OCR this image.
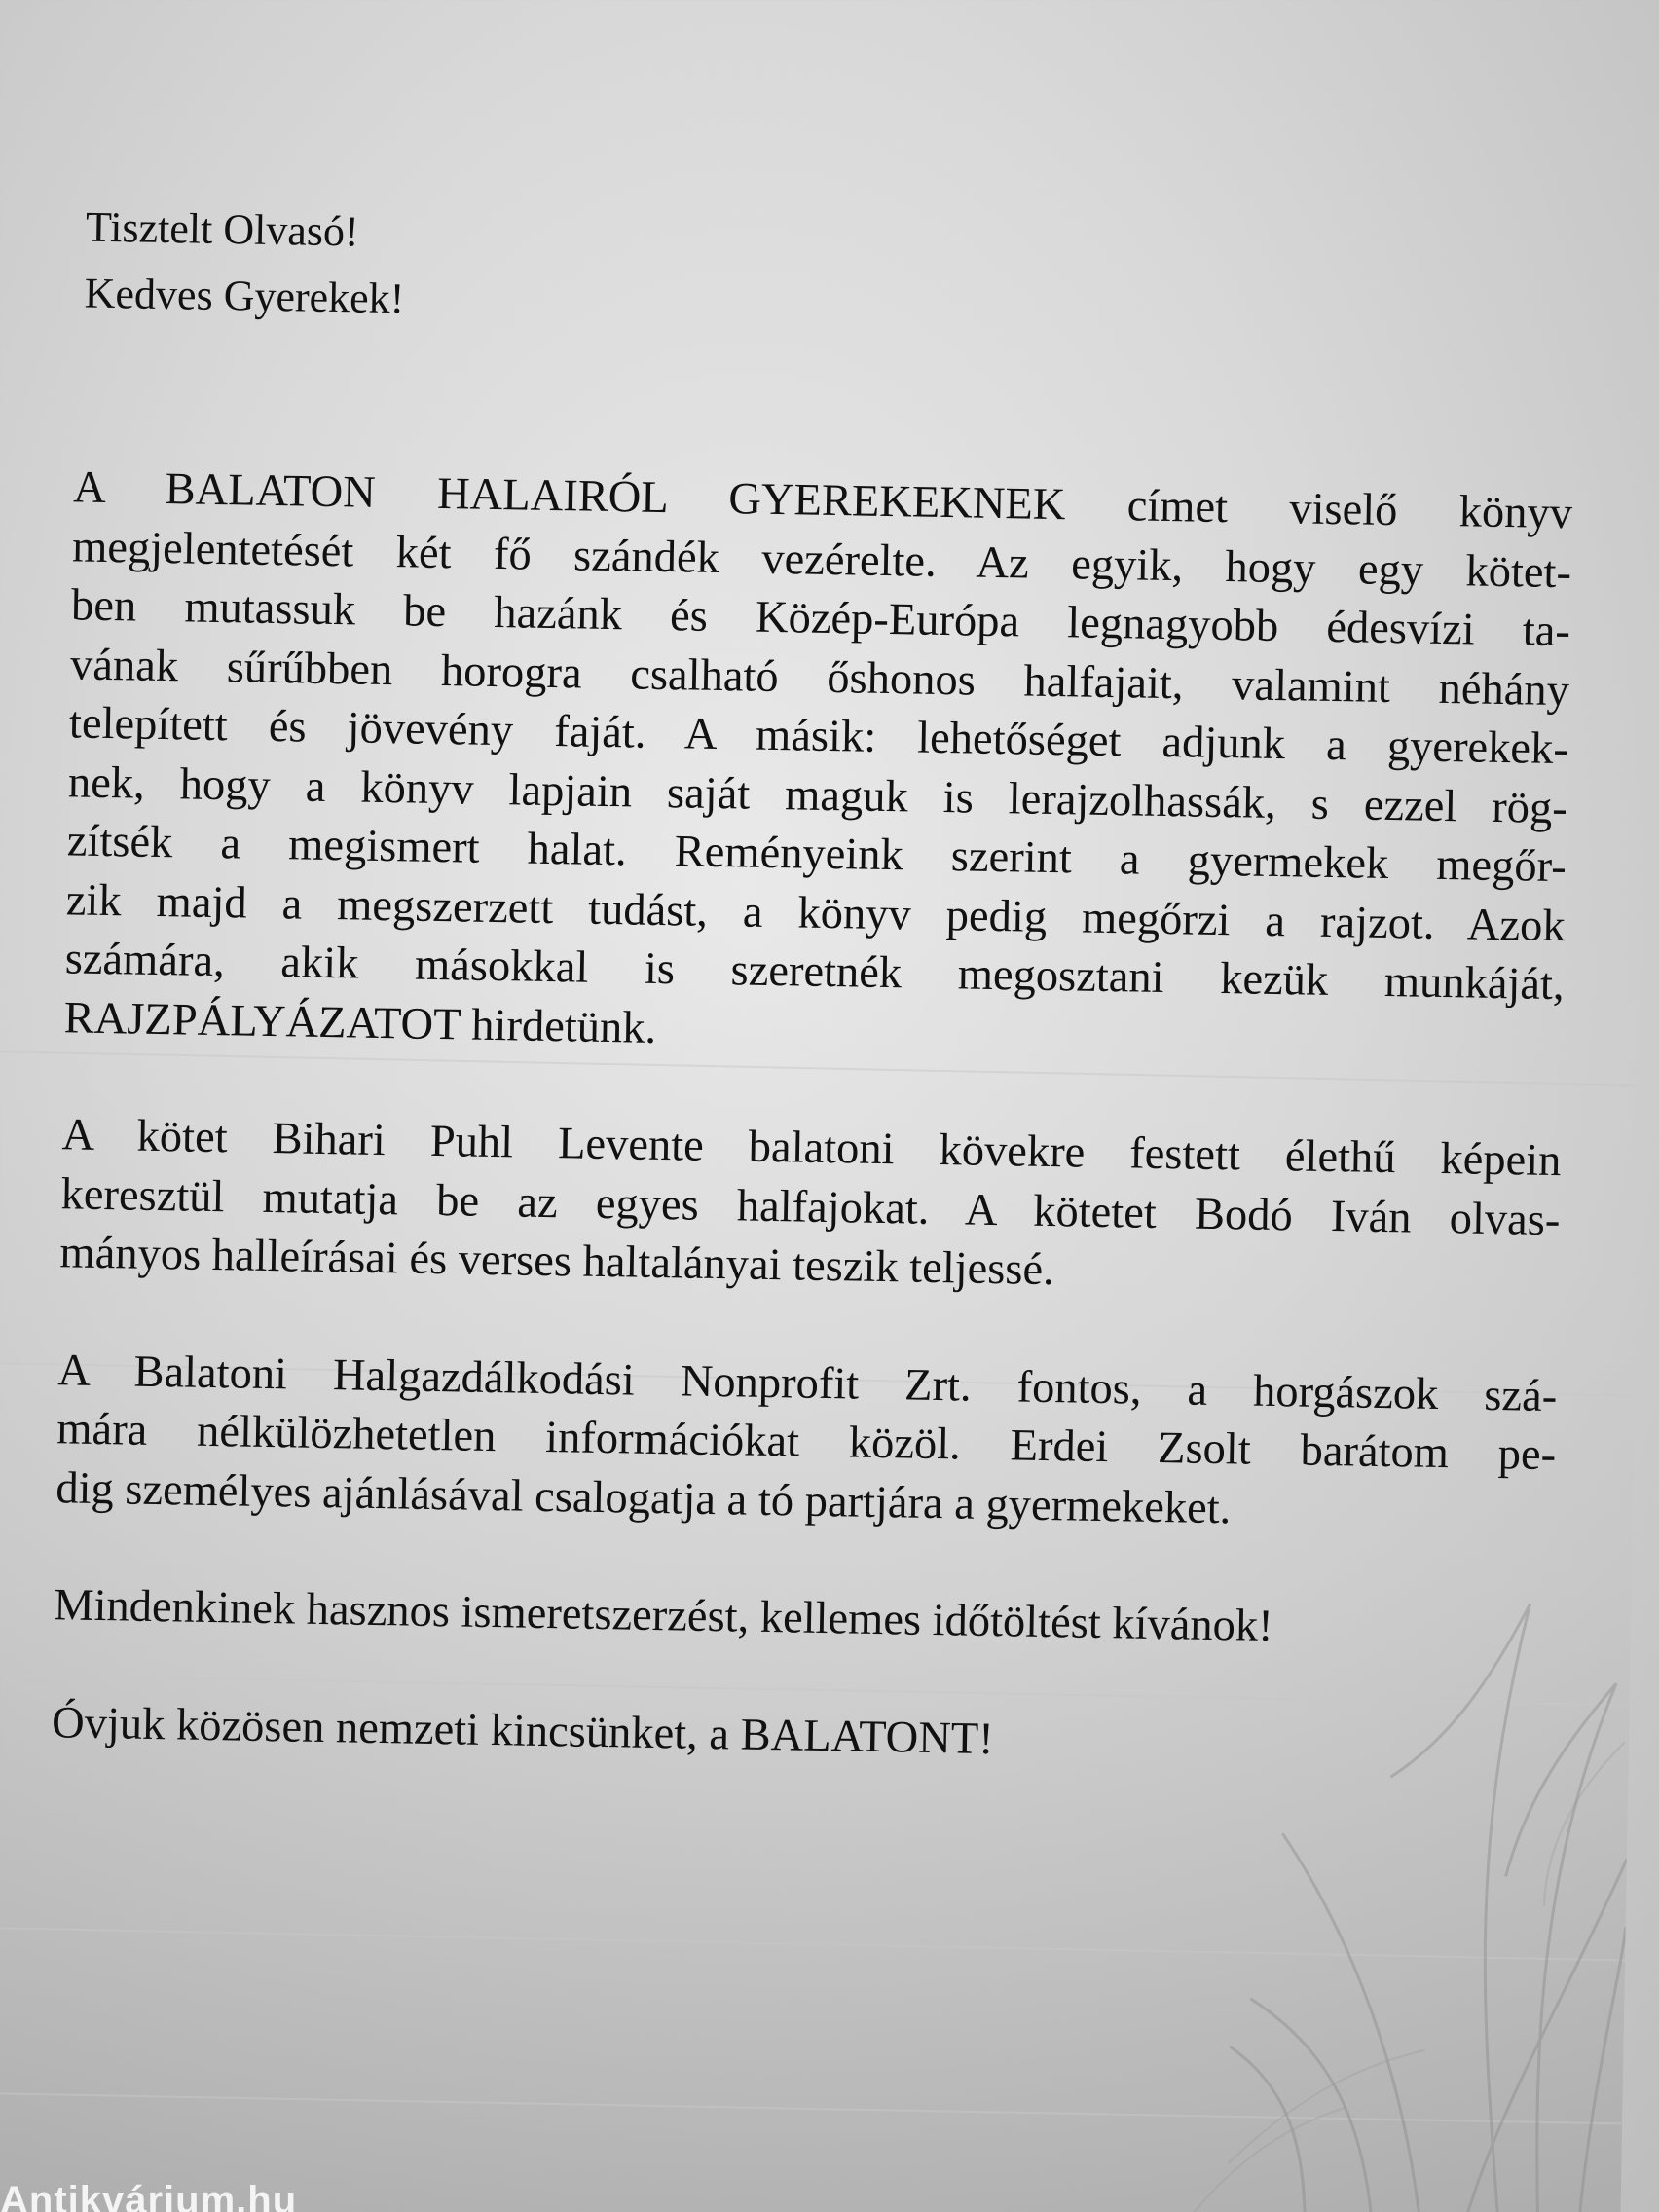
Tisztelt Olvasó!
Kedves Gyerekek!

A BALATON HALAIRÓL GYEREKEKNEK címet viselő könyv
megjelentetését két fő szándék vezérelte. Az egyik, hogy egy kötet-
ben mutassuk be hazánk és Közép-Európa legnagyobb édesvízi ta-
vának sűrűbben horogra csalható őshonos halfajait, valamint néhány
telepített és jövevény faját. A másik: lehetőséget adjunk a gyerekek-
nek, hogy a könyv lapjain saját maguk is lerajzolhassák, s ezzel rög-
zítsék a megismert halat. Reményeink szerint a gyermekek megőr-
zik majd a megszerzett tudást, a könyv pedig megőrzi a rajzot. Azok
számára, akik másokkal is szeretnék megosztani kezük munkáját,
RAJZPÁLYÁZATOT hirdetünk.

A kötet Bihari Puhl Levente balatoni kövekre festett élethű képein
keresztül mutatja be az egyes halfajokat. A kötetet Bodó Iván olvas-
mányos halleírásai és verses haltalányai teszik teljessé.

A Balatoni Halgazdálkodási Nonprofit Zrt. fontos, a horgászok szá-
mára nélkülözhetetlen információkat közöl. Erdei Zsolt barátom pe-
dig személyes ajánlásával csalogatja a tó partjára a gyermekeket.

Mindenkinek hasznos ismeretszerzést, kellemes időtöltést kívánok!

Óvjuk közösen nemzeti kincsünket, a BALATONT!

Antikvárium.hu
